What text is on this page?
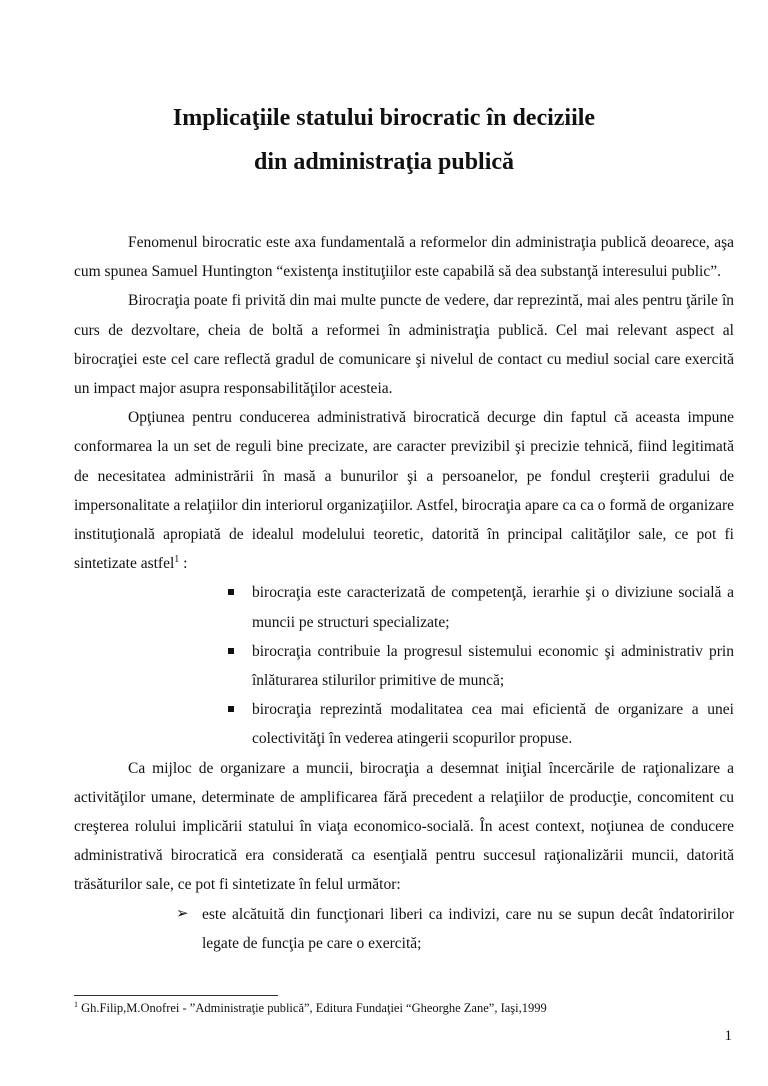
Implicaţiile statului birocratic în deciziile
din administraţia publică

Fenomenul birocratic este axa fundamentală a reformelor din administraţia publică deoarece, aşa cum spunea Samuel Huntington “existenţa instituţiilor este capabilă să dea substanţă interesului public”.

Birocraţia poate fi privită din mai multe puncte de vedere, dar reprezintă, mai ales pentru ţările în curs de dezvoltare, cheia de boltă a reformei în administraţia publică. Cel mai relevant aspect al birocraţiei este cel care reflectă gradul de comunicare şi nivelul de contact cu mediul social care exercită un impact major asupra responsabilităţilor acesteia.

Opţiunea pentru conducerea administrativă birocratică decurge din faptul că aceasta impune conformarea la un set de reguli bine precizate, are caracter previzibil şi precizie tehnică, fiind legitimată de necesitatea administrării în masă a bunurilor şi a persoanelor, pe fondul creşterii gradului de impersonalitate a relaţiilor din interiorul organizaţiilor. Astfel, birocraţia apare ca ca o formă de organizare instituţională apropiată de idealul modelului teoretic, datorită în principal calităţilor sale, ce pot fi sintetizate astfel$^1$ :

birocraţia este caracterizată de competenţă, ierarhie şi o diviziune socială a muncii pe structuri specializate;
birocraţia contribuie la progresul sistemului economic şi administrativ prin înlăturarea stilurilor primitive de muncă;
birocraţia reprezintă modalitatea cea mai eficientă de organizare a unei colectivităţi în vederea atingerii scopurilor propuse.

Ca mijloc de organizare a muncii, birocraţia a desemnat iniţial încercările de raţionalizare a activităţilor umane, determinate de amplificarea fără precedent a relaţiilor de producţie, concomitent cu creşterea rolului implicării statului în viaţa economico-socială. În acest context, noţiunea de conducere administrativă birocratică era considerată ca esenţială pentru succesul raţionalizării muncii, datorită trăsăturilor sale, ce pot fi sintetizate în felul următor:

➢ este alcătuită din funcţionari liberi ca indivizi, care nu se supun decât îndatoririlor legate de funcţia pe care o exercită;
$^1$ Gh.Filip,M.Onofrei - ”Administraţie publică”, Editura Fundaţiei “Gheorghe Zane”, Iaşi,1999
1
